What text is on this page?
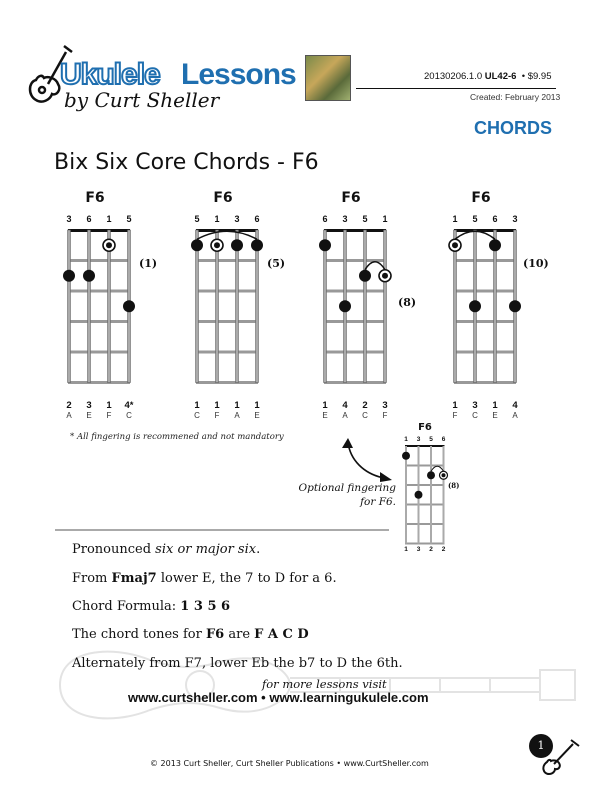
Ukulele Lessons
by Curt Sheller
20130206.1.0 UL42-6 • $9.95
Created: February 2013
CHORDS
Bix Six Core Chords - F6
F6
3
2
A
6
3
E
1
1
F
5
4*
C
(1)
F6
5
1
C
1
1
F
3
1
A
6
1
E
(5)
F6
6
1
E
3
4
A
5
2
C
1
3
F
(8)
F6
1
1
F
5
3
C
6
1
E
3
4
A
(10)
F6
1
1
3
3
5
2
6
2
(8)
* All fingering is recommened and not mandatory
Optional fingering
for F6.
Pronounced six or major six.
From Fmaj7 lower E, the 7 to D for a 6.
Chord Formula: 1 3 5 6
The chord tones for F6 are F A C D
Alternately from F7, lower Eb the b7 to D the 6th.
for more lessons visit
www.curtsheller.com • www.learningukulele.com
© 2013 Curt Sheller, Curt Sheller Publications • www.CurtSheller.com
1
